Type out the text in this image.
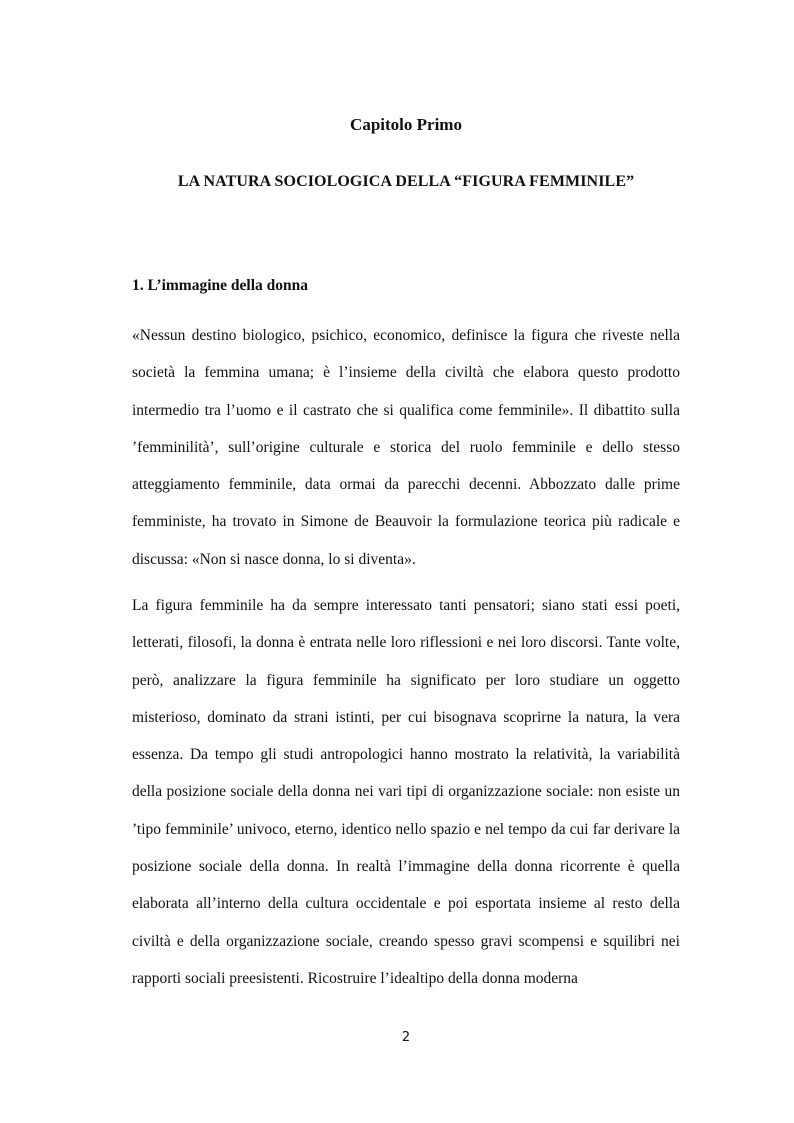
Capitolo Primo
LA NATURA SOCIOLOGICA DELLA “FIGURA FEMMINILE”
1. L’immagine della donna

«Nessun destino biologico, psichico, economico, definisce la figura che riveste nella società la femmina umana; è l’insieme della civiltà che elabora questo prodotto intermedio tra l’uomo e il castrato che si qualifica come femminile». Il dibattito sulla ’femminilità’, sull’origine culturale e storica del ruolo femminile e dello stesso atteggiamento femminile, data ormai da parecchi decenni. Abbozzato dalle prime femministe, ha trovato in Simone de Beauvoir la formulazione teorica più radicale e discussa: «Non si nasce donna, lo si diventa».

La figura femminile ha da sempre interessato tanti pensatori; siano stati essi poeti, letterati, filosofi, la donna è entrata nelle loro riflessioni e nei loro discorsi. Tante volte, però, analizzare la figura femminile ha significato per loro studiare un oggetto misterioso, dominato da strani istinti, per cui bisognava scoprirne la natura, la vera essenza. Da tempo gli studi antropologici hanno mostrato la relatività, la variabilità della posizione sociale della donna nei vari tipi di organizzazione sociale: non esiste un ’tipo femminile’ univoco, eterno, identico nello spazio e nel tempo da cui far derivare la posizione sociale della donna. In realtà l’immagine della donna ricorrente è quella elaborata all’interno della cultura occidentale e poi esportata insieme al resto della civiltà e della organizzazione sociale, creando spesso gravi scompensi e squilibri nei rapporti sociali preesistenti. Ricostruire l’idealtipo della donna moderna

2
